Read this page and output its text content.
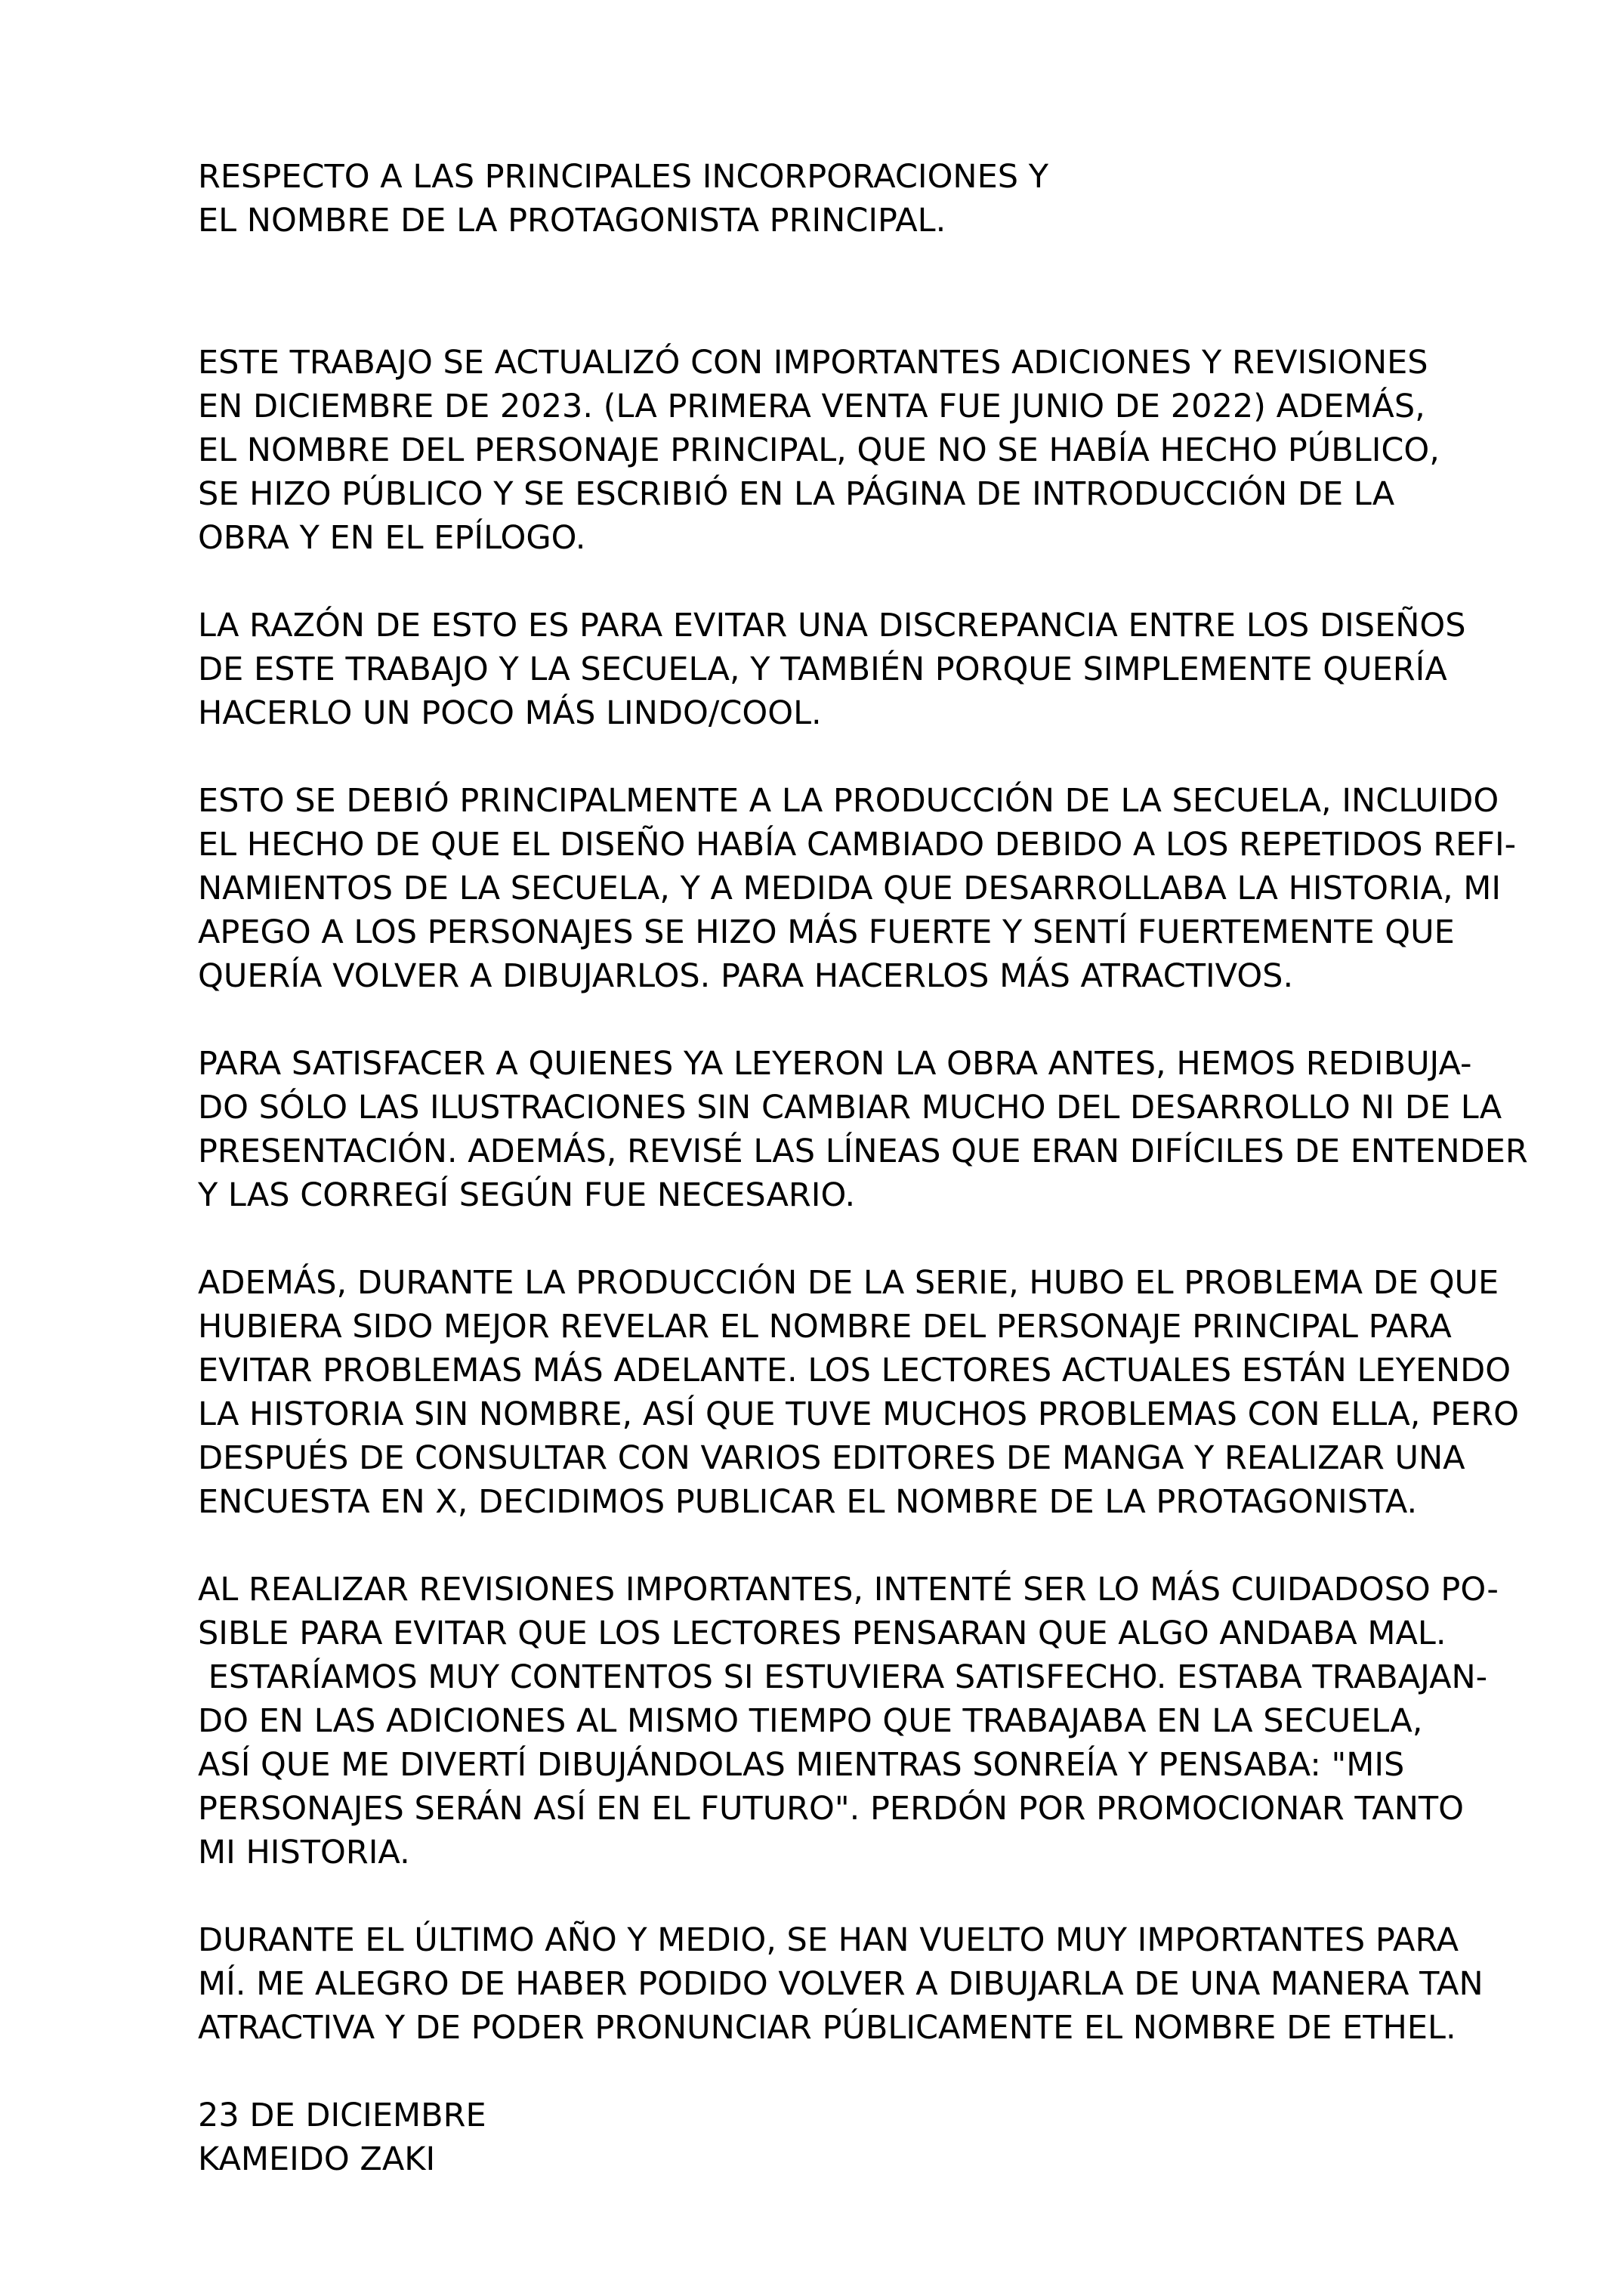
RESPECTO A LAS PRINCIPALES INCORPORACIONES Y
EL NOMBRE DE LA PROTAGONISTA PRINCIPAL.
ESTE TRABAJO SE ACTUALIZÓ CON IMPORTANTES ADICIONES Y REVISIONES
EN DICIEMBRE DE 2023. (LA PRIMERA VENTA FUE JUNIO DE 2022) ADEMÁS,
EL NOMBRE DEL PERSONAJE PRINCIPAL, QUE NO SE HABÍA HECHO PÚBLICO,
SE HIZO PÚBLICO Y SE ESCRIBIÓ EN LA PÁGINA DE INTRODUCCIÓN DE LA
OBRA Y EN EL EPÍLOGO.
LA RAZÓN DE ESTO ES PARA EVITAR UNA DISCREPANCIA ENTRE LOS DISEÑOS
DE ESTE TRABAJO Y LA SECUELA, Y TAMBIÉN PORQUE SIMPLEMENTE QUERÍA
HACERLO UN POCO MÁS LINDO/COOL.
ESTO SE DEBIÓ PRINCIPALMENTE A LA PRODUCCIÓN DE LA SECUELA, INCLUIDO
EL HECHO DE QUE EL DISEÑO HABÍA CAMBIADO DEBIDO A LOS REPETIDOS REFI-
NAMIENTOS DE LA SECUELA, Y A MEDIDA QUE DESARROLLABA LA HISTORIA, MI
APEGO A LOS PERSONAJES SE HIZO MÁS FUERTE Y SENTÍ FUERTEMENTE QUE
QUERÍA VOLVER A DIBUJARLOS. PARA HACERLOS MÁS ATRACTIVOS.
PARA SATISFACER A QUIENES YA LEYERON LA OBRA ANTES, HEMOS REDIBUJA-
DO SÓLO LAS ILUSTRACIONES SIN CAMBIAR MUCHO DEL DESARROLLO NI DE LA
PRESENTACIÓN. ADEMÁS, REVISÉ LAS LÍNEAS QUE ERAN DIFÍCILES DE ENTENDER
Y LAS CORREGÍ SEGÚN FUE NECESARIO.
ADEMÁS, DURANTE LA PRODUCCIÓN DE LA SERIE, HUBO EL PROBLEMA DE QUE
HUBIERA SIDO MEJOR REVELAR EL NOMBRE DEL PERSONAJE PRINCIPAL PARA
EVITAR PROBLEMAS MÁS ADELANTE. LOS LECTORES ACTUALES ESTÁN LEYENDO
LA HISTORIA SIN NOMBRE, ASÍ QUE TUVE MUCHOS PROBLEMAS CON ELLA, PERO
DESPUÉS DE CONSULTAR CON VARIOS EDITORES DE MANGA Y REALIZAR UNA
ENCUESTA EN X, DECIDIMOS PUBLICAR EL NOMBRE DE LA PROTAGONISTA.
AL REALIZAR REVISIONES IMPORTANTES, INTENTÉ SER LO MÁS CUIDADOSO PO-
SIBLE PARA EVITAR QUE LOS LECTORES PENSARAN QUE ALGO ANDABA MAL.
ESTARÍAMOS MUY CONTENTOS SI ESTUVIERA SATISFECHO. ESTABA TRABAJAN-
DO EN LAS ADICIONES AL MISMO TIEMPO QUE TRABAJABA EN LA SECUELA,
ASÍ QUE ME DIVERTÍ DIBUJÁNDOLAS MIENTRAS SONREÍA Y PENSABA: "MIS
PERSONAJES SERÁN ASÍ EN EL FUTURO". PERDÓN POR PROMOCIONAR TANTO
MI HISTORIA.
DURANTE EL ÚLTIMO AÑO Y MEDIO, SE HAN VUELTO MUY IMPORTANTES PARA
MÍ. ME ALEGRO DE HABER PODIDO VOLVER A DIBUJARLA DE UNA MANERA TAN
ATRACTIVA Y DE PODER PRONUNCIAR PÚBLICAMENTE EL NOMBRE DE ETHEL.
23 DE DICIEMBRE
KAMEIDO ZAKI
